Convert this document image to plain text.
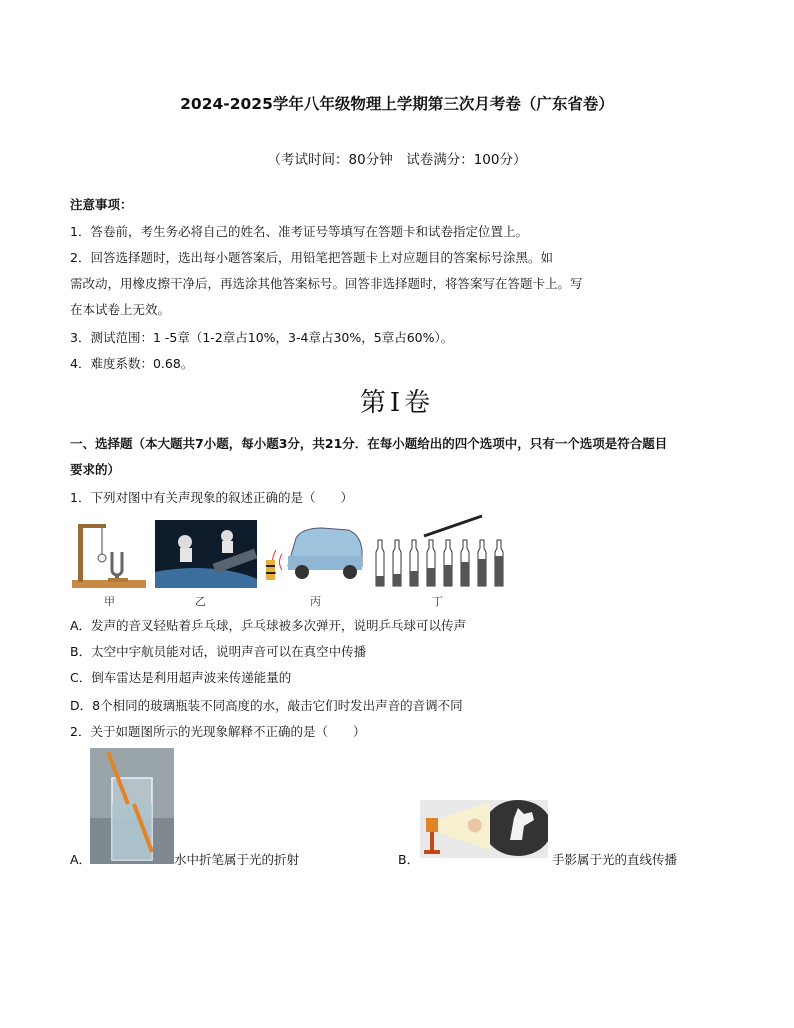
2024-2025学年八年级物理上学期第三次月考卷（广东省卷）
（考试时间：80分钟　试卷满分：100分）
注意事项：
1．答卷前，考生务必将自己的姓名、准考证号等填写在答题卡和试卷指定位置上。
2．回答选择题时，选出每小题答案后，用铅笔把答题卡上对应题目的答案标号涂黑。如
需改动，用橡皮擦干净后，再选涂其他答案标号。回答非选择题时，将答案写在答题卡上。写
在本试卷上无效。
3．测试范围：1 -5章（1-2章占10%，3-4章占30%，5章占60%）。
4．难度系数：0.68。
第Ⅰ卷
一、选择题（本大题共7小题，每小题3分，共21分．在每小题给出的四个选项中，只有一个选项是符合题目
要求的）
1．下列对图中有关声现象的叙述正确的是（　　）
甲	乙	丙	丁
A．发声的音叉轻贴着乒乓球，乒乓球被多次弹开，说明乒乓球可以传声
B．太空中宇航员能对话，说明声音可以在真空中传播
C．倒车雷达是利用超声波来传递能量的
D．8个相同的玻璃瓶装不同高度的水，敲击它们时发出声音的音调不同
2．关于如题图所示的光现象解释不正确的是（　　）
A．	水中折笔属于光的折射	B．	手影属于光的直线传播
